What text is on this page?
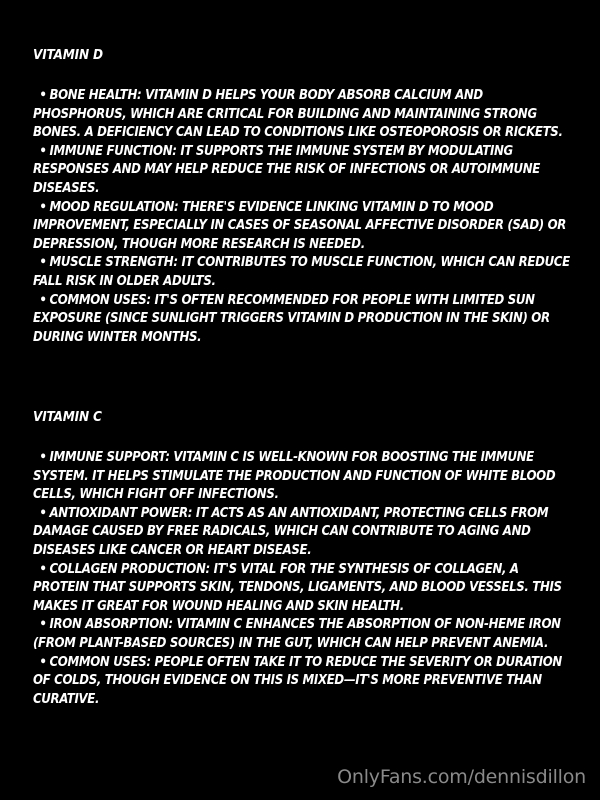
VITAMIN D

• BONE HEALTH: VITAMIN D HELPS YOUR BODY ABSORB CALCIUM AND PHOSPHORUS, WHICH ARE CRITICAL FOR BUILDING AND MAINTAINING STRONG BONES. A DEFICIENCY CAN LEAD TO CONDITIONS LIKE OSTEOPOROSIS OR RICKETS.

• IMMUNE FUNCTION: IT SUPPORTS THE IMMUNE SYSTEM BY MODULATING RESPONSES AND MAY HELP REDUCE THE RISK OF INFECTIONS OR AUTOIMMUNE DISEASES.

• MOOD REGULATION: THERE'S EVIDENCE LINKING VITAMIN D TO MOOD IMPROVEMENT, ESPECIALLY IN CASES OF SEASONAL AFFECTIVE DISORDER (SAD) OR DEPRESSION, THOUGH MORE RESEARCH IS NEEDED.

• MUSCLE STRENGTH: IT CONTRIBUTES TO MUSCLE FUNCTION, WHICH CAN REDUCE FALL RISK IN OLDER ADULTS.

• COMMON USES: IT'S OFTEN RECOMMENDED FOR PEOPLE WITH LIMITED SUN EXPOSURE (SINCE SUNLIGHT TRIGGERS VITAMIN D PRODUCTION IN THE SKIN) OR DURING WINTER MONTHS.

VITAMIN C

• IMMUNE SUPPORT: VITAMIN C IS WELL-KNOWN FOR BOOSTING THE IMMUNE SYSTEM. IT HELPS STIMULATE THE PRODUCTION AND FUNCTION OF WHITE BLOOD CELLS, WHICH FIGHT OFF INFECTIONS.

• ANTIOXIDANT POWER: IT ACTS AS AN ANTIOXIDANT, PROTECTING CELLS FROM DAMAGE CAUSED BY FREE RADICALS, WHICH CAN CONTRIBUTE TO AGING AND DISEASES LIKE CANCER OR HEART DISEASE.

• COLLAGEN PRODUCTION: IT'S VITAL FOR THE SYNTHESIS OF COLLAGEN, A PROTEIN THAT SUPPORTS SKIN, TENDONS, LIGAMENTS, AND BLOOD VESSELS. THIS MAKES IT GREAT FOR WOUND HEALING AND SKIN HEALTH.

• IRON ABSORPTION: VITAMIN C ENHANCES THE ABSORPTION OF NON-HEME IRON (FROM PLANT-BASED SOURCES) IN THE GUT, WHICH CAN HELP PREVENT ANEMIA.

• COMMON USES: PEOPLE OFTEN TAKE IT TO REDUCE THE SEVERITY OR DURATION OF COLDS, THOUGH EVIDENCE ON THIS IS MIXED—IT'S MORE PREVENTIVE THAN CURATIVE.

OnlyFans.com/dennisdillon
